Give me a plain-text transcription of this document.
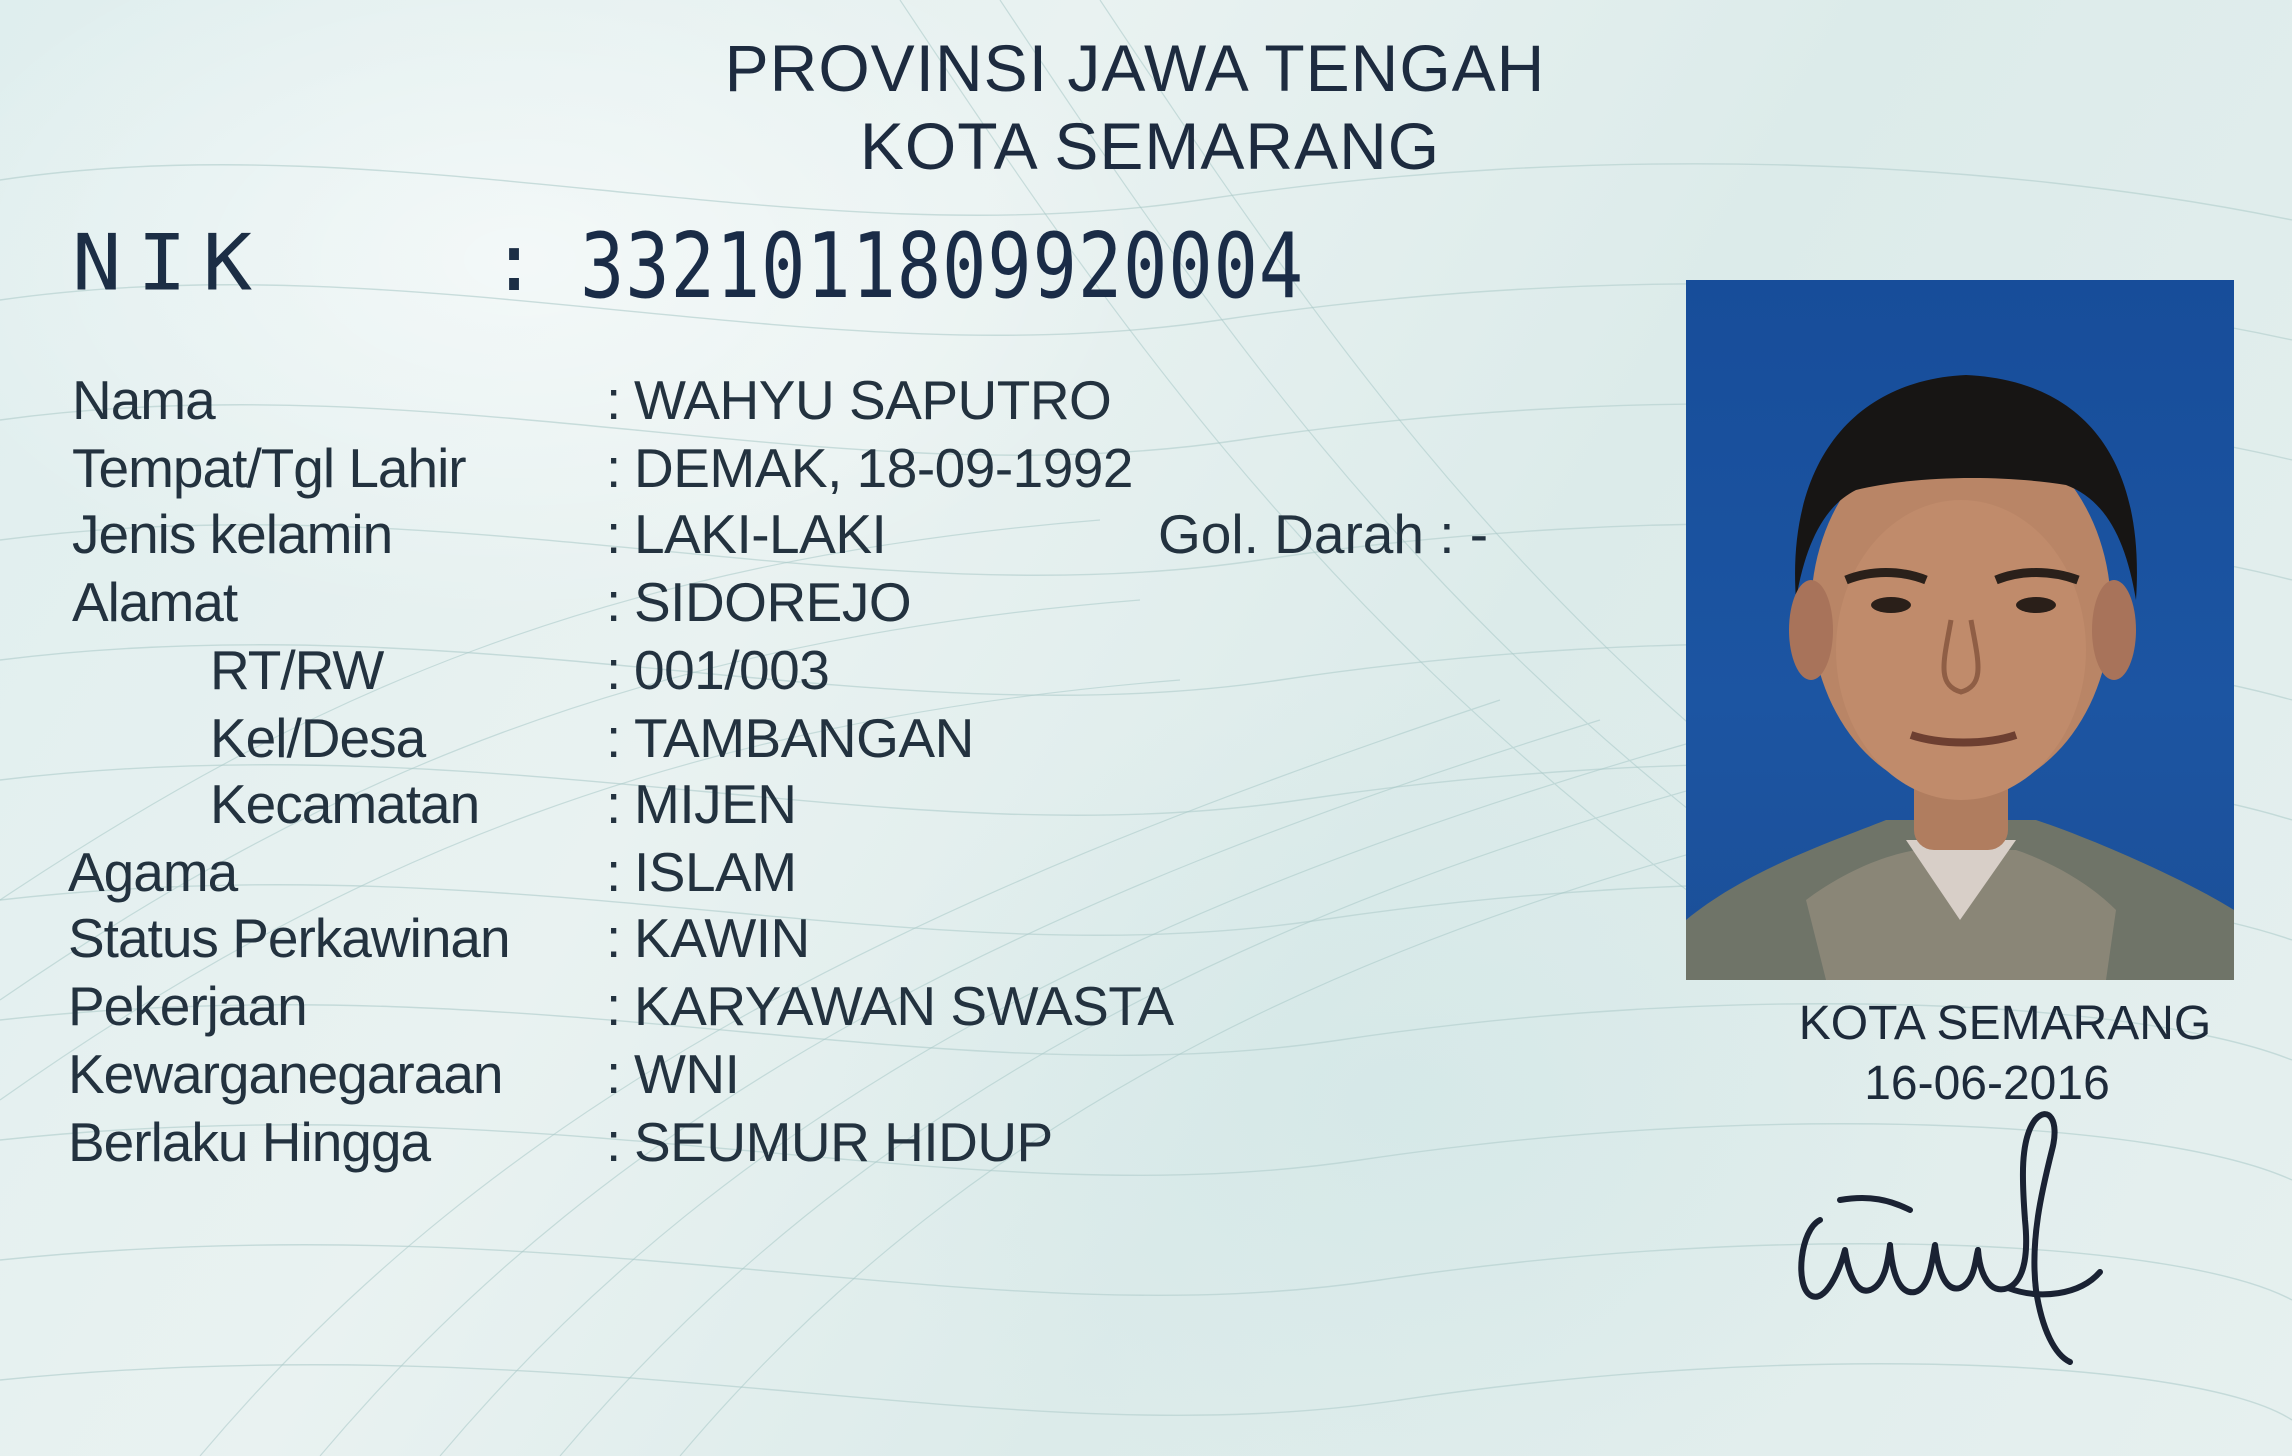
PROVINSI JAWA TENGAH
KOTA SEMARANG
NIK	: 3321011809920004
Nama	: WAHYU SAPUTRO
Tempat/Tgl Lahir	: DEMAK, 18-09-1992
Jenis kelamin	: LAKI-LAKI	Gol. Darah : -
Alamat	: SIDOREJO
RT/RW	: 001/003
Kel/Desa	: TAMBANGAN
Kecamatan : MIJEN
Agama	: ISLAM
Status Perkawinan : KAWIN
Pekerjaan	: KARYAWAN SWASTA
Kewarganegaraan : WNI
Berlaku Hingga	: SEUMUR HIDUP
KOTA SEMARANG
16-06-2016
